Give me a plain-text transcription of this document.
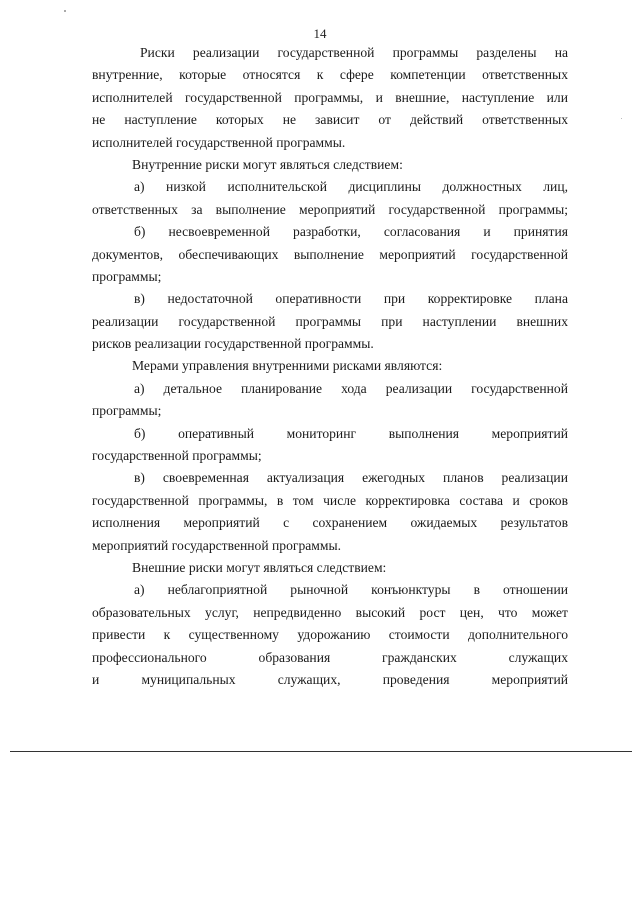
14
Риски реализации государственной программы разделены на
внутренние, которые относятся к сфере компетенции ответственных
исполнителей государственной программы, и внешние, наступление или
не наступление которых не зависит от действий ответственных
исполнителей государственной программы.
Внутренние риски могут являться следствием:
а) низкой исполнительской дисциплины должностных лиц,
ответственных за выполнение мероприятий государственной программы;
б) несвоевременной разработки, согласования и принятия
документов, обеспечивающих выполнение мероприятий государственной
программы;
в) недостаточной оперативности при корректировке плана
реализации государственной программы при наступлении внешних
рисков реализации государственной программы.
Мерами управления внутренними рисками являются:
а) детальное планирование хода реализации государственной
программы;
б) оперативный мониторинг выполнения мероприятий
государственной программы;
в) своевременная актуализация ежегодных планов реализации
государственной программы, в том числе корректировка состава и сроков
исполнения мероприятий с сохранением ожидаемых результатов
мероприятий государственной программы.
Внешние риски могут являться следствием:
а) неблагоприятной рыночной конъюнктуры в отношении
образовательных услуг, непредвиденно высокий рост цен, что может
привести к существенному удорожанию стоимости дополнительного
профессионального образования гражданских служащих
и муниципальных служащих, проведения мероприятий
